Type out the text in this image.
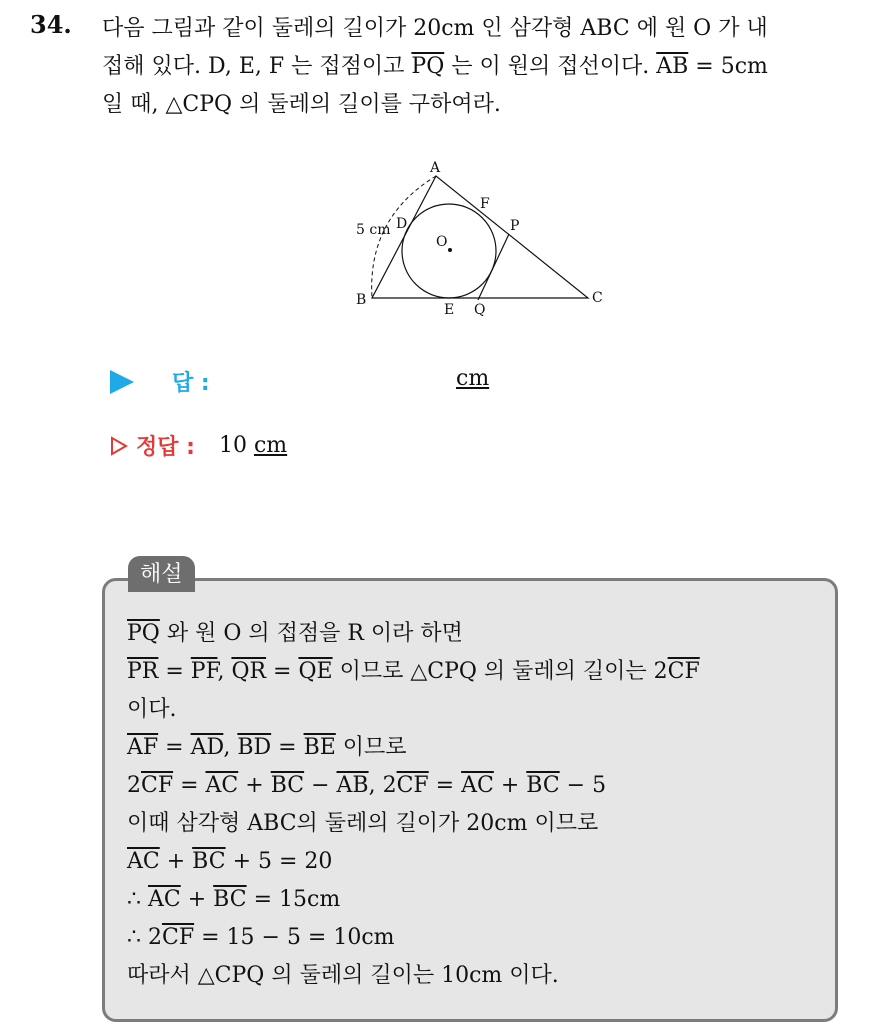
34. 다음 그림과 같이 둘레의 길이가 20cm 인 삼각형 ABC 에 원 O 가 내

접해 있다. D, E, F 는 접점이고 $\overline{PQ}$ 는 이 원의 접선이다. $\overline{AB} = 5cm$

일 때, △CPQ 의 둘레의 길이를 구하여라.

A
B	C
D
E
F
P
Q
O
5 cm
답 :	cm
정답 : 10 cm
해설
$\overline{PQ}$ 와 원 O 의 접점을 R 이라 하면
$\overline{PR} = \overline{PF}$, $\overline{QR} = \overline{QE}$ 이므로 △CPQ 의 둘레의 길이는 $2\overline{CF}$
이다.
$\overline{AF} = \overline{AD}$, $\overline{BD} = \overline{BE}$ 이므로
$2\overline{CF} = \overline{AC} + \overline{BC} - \overline{AB}$, $2\overline{CF} = \overline{AC} + \overline{BC} - 5$
이때 삼각형 ABC의 둘레의 길이가 20cm 이므로
$\overline{AC} + \overline{BC} + 5 = 20$
∴ $\overline{AC} + \overline{BC} = 15cm$
∴ $2\overline{CF} = 15 - 5 = 10cm$
따라서 △CPQ 의 둘레의 길이는 10cm 이다.
